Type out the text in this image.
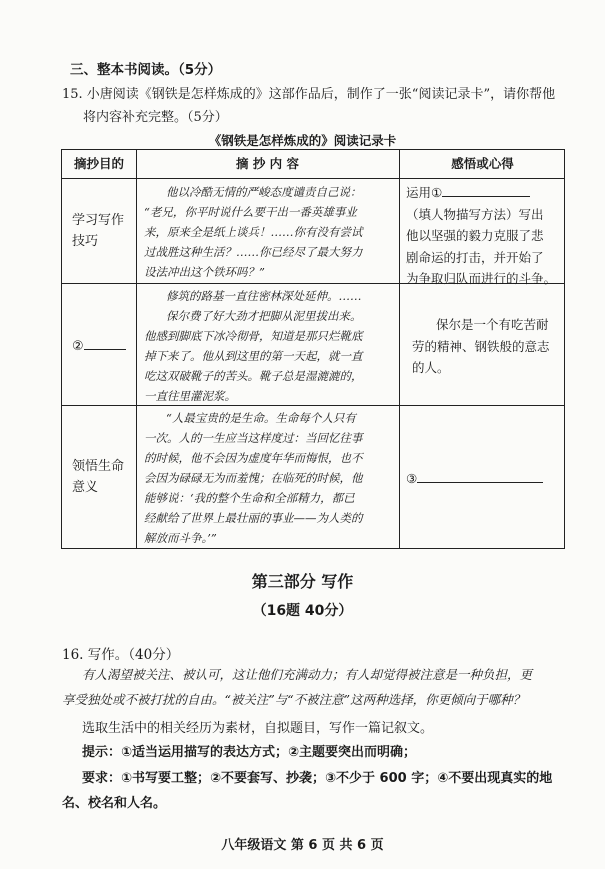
三、整本书阅读。（5分）
15. 小唐阅读《钢铁是怎样炼成的》这部作品后，制作了一张“阅读记录卡”，请你帮他
将内容补充完整。（5分）
《钢铁是怎样炼成的》阅读记录卡
摘抄目的	摘 抄 内 容	感悟或心得
学习写作
技巧
他以冷酷无情的严峻态度谴责自己说：
“老兄，你平时说什么要干出一番英雄事业
来，原来全是纸上谈兵！……你有没有尝试
过战胜这种生活？……你已经尽了最大努力
设法冲出这个铁环吗？”
运用①
（填人物描写方法）写出
他以坚强的毅力克服了悲
剧命运的打击，并开始了
为争取归队而进行的斗争。
②
修筑的路基一直往密林深处延伸。……
保尔费了好大劲才把脚从泥里拔出来。
他感到脚底下冰冷彻骨，知道是那只烂靴底
掉下来了。他从到这里的第一天起，就一直
吃这双破靴子的苦头。靴子总是湿漉漉的，
一直往里灌泥浆。
保尔是一个有吃苦耐
劳的精神、钢铁般的意志
的人。
领悟生命
意义
“人最宝贵的是生命。生命每个人只有
一次。人的一生应当这样度过：当回忆往事
的时候，他不会因为虚度年华而悔恨，也不
会因为碌碌无为而羞愧；在临死的时候，他
能够说：‘我的整个生命和全部精力，都已
经献给了世界上最壮丽的事业——为人类的
解放而斗争。’”
③
第三部分 写作
（16题 40分）
16. 写作。（40分）
有人渴望被关注、被认可，这让他们充满动力；有人却觉得被注意是一种负担，更
享受独处或不被打扰的自由。“被关注”与“不被注意”这两种选择，你更倾向于哪种？
选取生活中的相关经历为素材，自拟题目，写作一篇记叙文。
提示：①适当运用描写的表达方式；②主题要突出而明确；
要求：①书写要工整；②不要套写、抄袭；③不少于 600 字；④不要出现真实的地
名、校名和人名。
八年级语文 第 6 页 共 6 页
